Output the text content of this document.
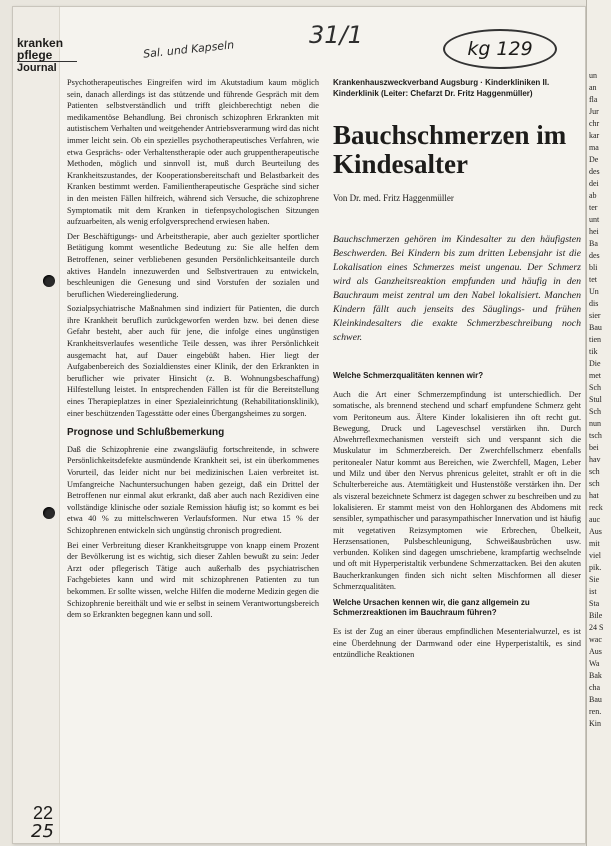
kranken
pflege
Journal
Sal. und Kapseln
31/1	kg 129

Psychotherapeutisches Eingreifen wird im Akutstadium kaum möglich sein, danach allerdings ist das stützende und führende Gespräch mit dem Patienten selbstverständlich und trifft gleichberechtigt neben die medikamentöse Behandlung. Bei chronisch schizophren Erkrankten mit autistischem Verhalten und weitgehender Antriebsverarmung wird das nicht immer leicht sein. Ob ein spezielles psychotherapeutisches Verfahren, wie etwa Gesprächs- oder Verhaltenstherapie oder auch gruppentherapeutische Methoden, möglich und sinnvoll ist, muß durch Beurteilung des Krankheitszustandes, der Kooperationsbereitschaft und Belastbarkeit des Kranken bestimmt werden. Familientherapeutische Gespräche sind sicher in den meisten Fällen hilfreich, während sich Versuche, die schizophrene Symptomatik mit dem Kranken in tiefenpsychologischen Sitzungen aufzuarbeiten, als wenig erfolgversprechend erwiesen haben.

Der Beschäftigungs- und Arbeitstherapie, aber auch gezielter sportlicher Betätigung kommt wesentliche Bedeutung zu: Sie alle helfen dem Betroffenen, seiner verbliebenen gesunden Persönlichkeitsanteile durch aktives Handeln innezuwerden und Selbstvertrauen zu entwickeln, beschleunigen die Genesung und sind Vorstufen der sozialen und beruflichen Wiedereingliederung.

Sozialpsychiatrische Maßnahmen sind indiziert für Patienten, die durch ihre Krankheit beruflich zurückgeworfen werden bzw. bei denen diese Gefahr besteht, aber auch für jene, die infolge eines ungünstigen Krankheitsverlaufes wesentliche Teile dessen, was ihrer Persönlichkeit ausgemacht hat, auf Dauer eingebüßt haben. Hier liegt der Aufgabenbereich des Sozialdienstes einer Klinik, der den Erkrankten in beruflicher wie privater Hinsicht (z. B. Wohnungsbeschaffung) Hilfestellung leistet. In entsprechenden Fällen ist für die Bereitstellung eines Therapieplatzes in einer Spezialeinrichtung (Rehabilitationsklinik), einer beschützenden Tagesstätte oder eines Übergangsheimes zu sorgen.

Prognose und Schlußbemerkung

Daß die Schizophrenie eine zwangsläufig fortschreitende, in schwere Persönlichkeitsdefekte ausmündende Krankheit sei, ist ein überkommenes Vorurteil, das leider nicht nur bei medizinischen Laien verbreitet ist. Umfangreiche Nachuntersuchungen haben gezeigt, daß ein Drittel der Betroffenen nur einmal akut erkrankt, daß aber auch nach Rezidiven eine vollständige klinische oder soziale Remission häufig ist; so kommt es bei etwa 40 % zu mittelschweren Verlaufsformen. Nur etwa 15 % der Schizophrenen entwickeln sich ungünstig chronisch progredient.

Bei einer Verbreitung dieser Krankheitsgruppe von knapp einem Prozent der Bevölkerung ist es wichtig, sich dieser Zahlen bewußt zu sein: Jeder Arzt oder pflegerisch Tätige auch außerhalb des psychiatrischen Fachgebietes kann und wird mit schizophrenen Patienten zu tun bekommen. Er sollte wissen, welche Hilfen die moderne Medizin gegen die Schizophrenie bereithält und wie er selbst in seinem Verantwortungsbereich dem so Erkrankten begegnen kann und soll.

Krankenhauszweckverband Augsburg · Kinderkliniken II. Kinderklinik (Leiter: Chefarzt Dr. Fritz Haggenmüller)
Bauchschmerzen im Kindesalter
Von Dr. med. Fritz Haggenmüller
Bauchschmerzen gehören im Kindesalter zu den häufigsten Beschwerden. Bei Kindern bis zum dritten Lebensjahr ist die Lokalisation eines Schmerzes meist ungenau. Der Schmerz wird als Ganzheitsreaktion empfunden und häufig in den Bauchraum meist zentral um den Nabel lokalisiert. Manchen Kindern fällt auch jenseits des Säuglings- und frühen Kleinkindesalters die exakte Schmerzbeschreibung noch schwer.
Welche Schmerzqualitäten kennen wir?

Auch die Art einer Schmerzempfindung ist unterschiedlich. Der somatische, als brennend stechend und scharf empfundene Schmerz geht vom Peritoneum aus. Ältere Kinder lokalisieren ihn oft recht gut. Bewegung, Druck und Lageveschsel verstärken ihn. Durch Abwehrreflexmechanismen versteift sich und verspannt sich die Muskulatur im Schmerzbereich. Der Zwerchfellschmerz ebenfalls peritonealer Natur kommt aus Bereichen, wie Zwerchfell, Magen, Leber und Milz und über den Nervus phrenicus geleitet, strahlt er oft in die Schulterbereiche aus. Atemtätigkeit und Hustenstöße verstärken ihn. Der als viszeral bezeichnete Schmerz ist dagegen schwer zu beschreiben und zu lokalisieren. Er stammt meist von den Hohlorganen des Abdomens mit sensibler, sympathischer und parasympathischer Innervation und ist häufig mit vegetativen Reizsymptomen wie Erbrechen, Übelkeit, Herzsensationen, Pulsbeschleunigung, Schweißausbrüchen usw. verbunden. Koliken sind dagegen umschriebene, krampfartig wechselnde und oft mit Hyperperistaltik verbundene Schmerzattacken. Bei den akuten Baucherkrankungen finden sich nicht selten Mischformen all dieser Schmerzqualitäten.

Welche Ursachen kennen wir, die ganz allgemein zu Schmerzreaktionen im Bauchraum führen?

Es ist der Zug an einer überaus empfindlichen Mesenterialwurzel, es ist eine Überdehnung der Darmwand oder eine Hyperperistaltik, es sind entzündliche Reaktionen

22
25
un
an
fla
Jur
chr
kar
ma
De
des
dei
ab
ter
unt
hei
Ba
des
bli
tet
Un
dis
sier
Bau
tien
tik
Die
met
Sch
Stul
Sch
nun
tsch
bei
hav
sch
sch
hat
reck
auc
Aus
mit
viel
pik.
Sie
ist
Sta
Bile
24 S
wac
Aus
Wa
Bak
cha
Bau
ren.
Kin
